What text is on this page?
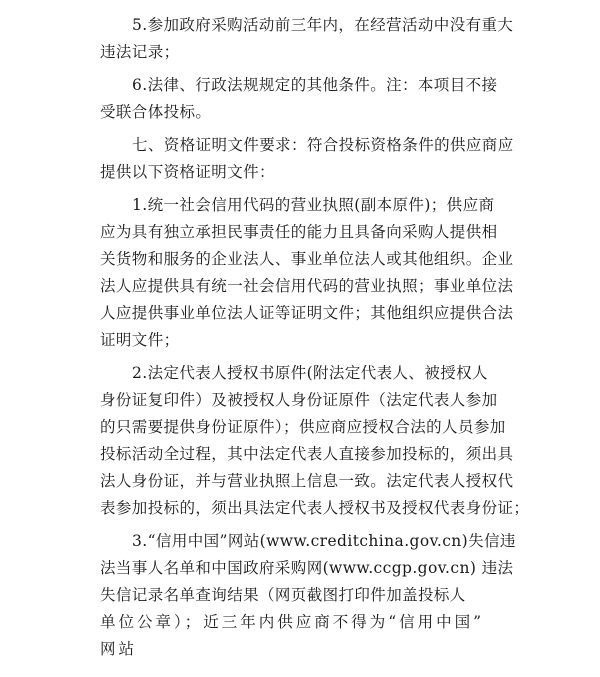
5.参加政府采购活动前三年内，在经营活动中没有重大
违法记录；
6.法律、行政法规规定的其他条件。注：本项目不接
受联合体投标。
七、资格证明文件要求：符合投标资格条件的供应商应
提供以下资格证明文件：
1.统一社会信用代码的营业执照(副本原件)；供应商
应为具有独立承担民事责任的能力且具备向采购人提供相
关货物和服务的企业法人、事业单位法人或其他组织。企业
法人应提供具有统一社会信用代码的营业执照；事业单位法
人应提供事业单位法人证等证明文件；其他组织应提供合法
证明文件；
2.法定代表人授权书原件(附法定代表人、被授权人
身份证复印件）及被授权人身份证原件（法定代表人参加
的只需要提供身份证原件）；供应商应授权合法的人员参加
投标活动全过程，其中法定代表人直接参加投标的，须出具
法人身份证，并与营业执照上信息一致。法定代表人授权代
表参加投标的，须出具法定代表人授权书及授权代表身份证；
3.“信用中国”网站(www.creditchina.gov.cn)失信违
法当事人名单和中国政府采购网(www.ccgp.gov.cn) 违法
失信记录名单查询结果（网页截图打印件加盖投标人
单位公章）；近三年内供应商不得为“信用中国”
网站
